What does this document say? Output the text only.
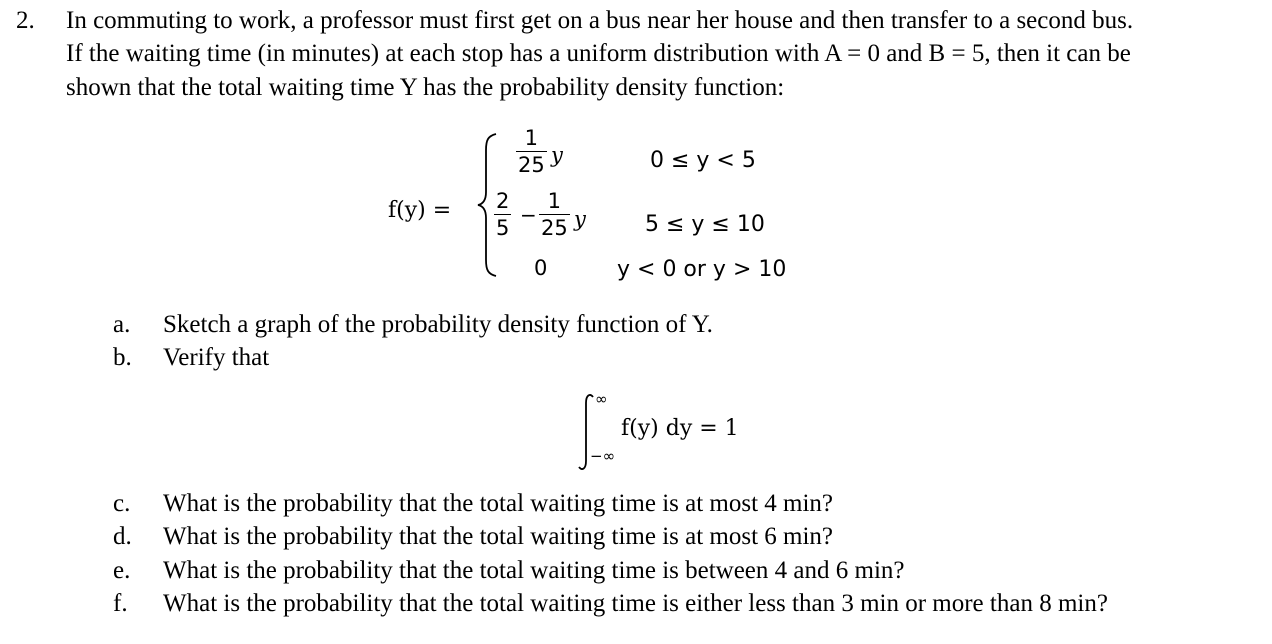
2. In commuting to work, a professor must first get on a bus near her house and then transfer to a second bus.
If the waiting time (in minutes) at each stop has a uniform distribution with A = 0 and B = 5, then it can be
shown that the total waiting time Y has the probability density function:
f(y) =
1
25 y	0 ≤ y < 5
2
5
−
1
25 y	5 ≤ y ≤ 10
0	y < 0 or y > 10
a. Sketch a graph of the probability density function of Y.
b. Verify that
∞
−∞
f(y) dy = 1
c. What is the probability that the total waiting time is at most 4 min?
d. What is the probability that the total waiting time is at most 6 min?
e. What is the probability that the total waiting time is between 4 and 6 min?
f. What is the probability that the total waiting time is either less than 3 min or more than 8 min?
